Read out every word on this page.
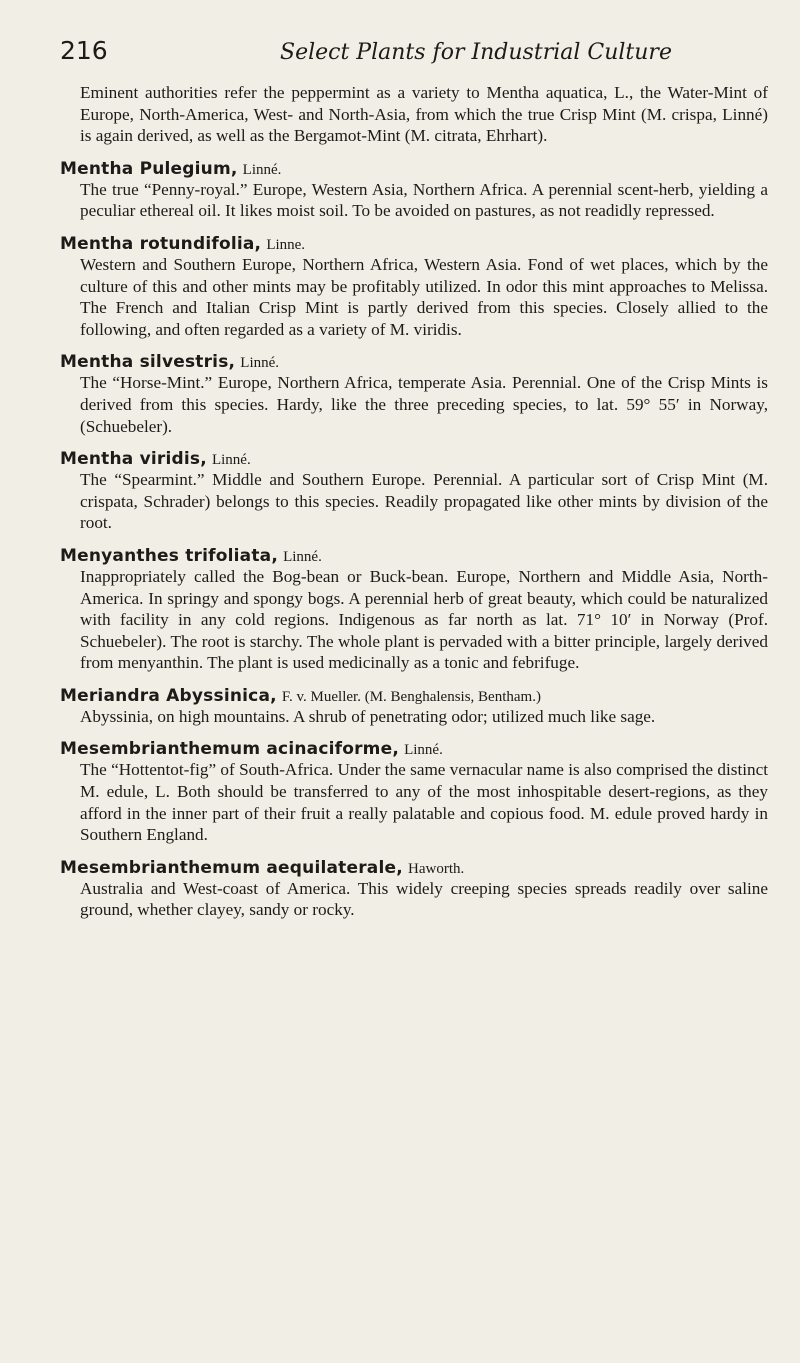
216	Select Plants for Industrial Culture

Eminent authorities refer the peppermint as a variety to Mentha aquatica, L., the Water-Mint of Europe, North-America, West- and North-Asia, from which the true Crisp Mint (M. crispa, Linné) is again derived, as well as the Bergamot-Mint (M. citrata, Ehrhart).

Mentha Pulegium, Linné.

The true “Penny-royal.” Europe, Western Asia, Northern Africa. A perennial scent-herb, yielding a peculiar ethereal oil. It likes moist soil. To be avoided on pastures, as not readidly repressed.

Mentha rotundifolia, Linne.

Western and Southern Europe, Northern Africa, Western Asia. Fond of wet places, which by the culture of this and other mints may be profitably utilized. In odor this mint approaches to Melissa. The French and Italian Crisp Mint is partly derived from this species. Closely allied to the following, and often regarded as a variety of M. viridis.

Mentha silvestris, Linné.

The “Horse-Mint.” Europe, Northern Africa, temperate Asia. Perennial. One of the Crisp Mints is derived from this species. Hardy, like the three preceding species, to lat. 59° 55′ in Norway, (Schuebeler).

Mentha viridis, Linné.

The “Spearmint.” Middle and Southern Europe. Perennial. A particular sort of Crisp Mint (M. crispata, Schrader) belongs to this species. Readily propagated like other mints by division of the root.

Menyanthes trifoliata, Linné.

Inappropriately called the Bog-bean or Buck-bean. Europe, Northern and Middle Asia, North-America. In springy and spongy bogs. A perennial herb of great beauty, which could be naturalized with facility in any cold regions. Indigenous as far north as lat. 71° 10′ in Norway (Prof. Schuebeler). The root is starchy. The whole plant is pervaded with a bitter principle, largely derived from menyanthin. The plant is used medicinally as a tonic and febrifuge.

Meriandra Abyssinica, F. v. Mueller. (M. Benghalensis, Bentham.)

Abyssinia, on high mountains. A shrub of penetrating odor; utilized much like sage.

Mesembrianthemum acinaciforme, Linné.

The “Hottentot-fig” of South-Africa. Under the same vernacular name is also comprised the distinct M. edule, L. Both should be transferred to any of the most inhospitable desert-regions, as they afford in the inner part of their fruit a really palatable and copious food. M. edule proved hardy in Southern England.

Mesembrianthemum aequilaterale, Haworth.

Australia and West-coast of America. This widely creeping species spreads readily over saline ground, whether clayey, sandy or rocky.
